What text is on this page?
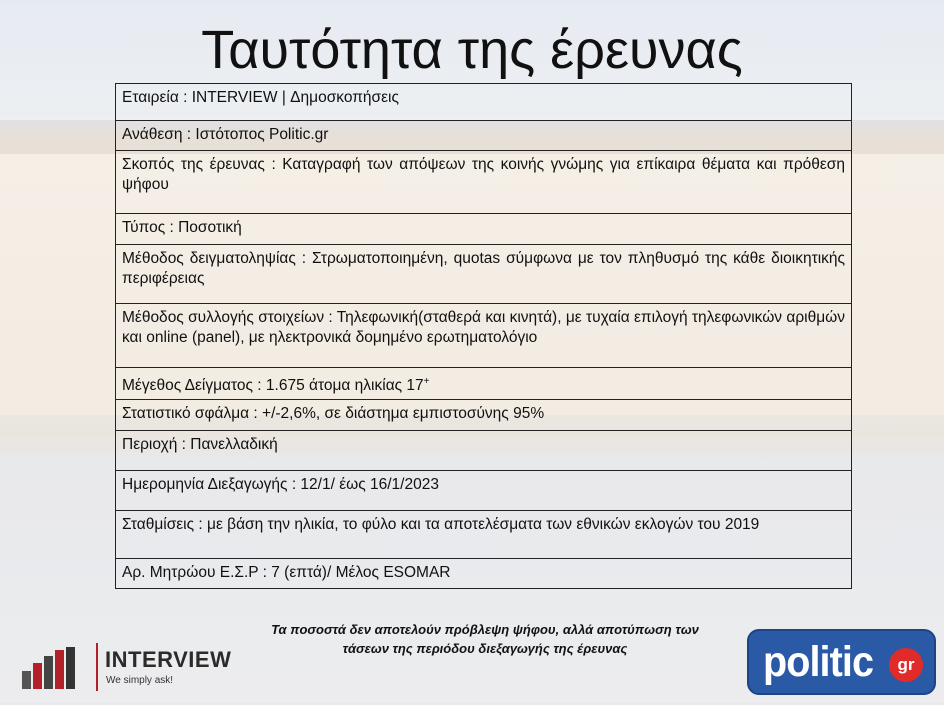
Ταυτότητα της έρευνας
Εταιρεία : INTERVIEW | Δημοσκοπήσεις
Ανάθεση : Ιστότοπος Politic.gr
Σκοπός της έρευνας : Καταγραφή των απόψεων της κοινής γνώμης για επίκαιρα θέματα και πρόθεση ψήφου
Τύπος : Ποσοτική
Μέθοδος δειγματοληψίας : Στρωματοποιημένη, quotas σύμφωνα με τον πληθυσμό της κάθε διοικητικής περιφέρειας
Μέθοδος συλλογής στοιχείων : Τηλεφωνική(σταθερά και κινητά), με τυχαία επιλογή τηλεφωνικών αριθμών και online (panel), με ηλεκτρονικά δομημένο ερωτηματολόγιο
Μέγεθος Δείγματος : 1.675 άτομα ηλικίας 17+
Στατιστικό σφάλμα : +/-2,6%, σε διάστημα εμπιστοσύνης 95%
Περιοχή : Πανελλαδική
Ημερομηνία Διεξαγωγής : 12/1/ έως 16/1/2023
Σταθμίσεις : με βάση την ηλικία, το φύλο και τα αποτελέσματα των εθνικών εκλογών του 2019
Αρ. Μητρώου Ε.Σ.Ρ : 7 (επτά)/ Μέλος ESOMAR
Τα ποσοστά δεν αποτελούν πρόβλεψη ψήφου, αλλά αποτύπωση των
τάσεων της περιόδου διεξαγωγής της έρευνας
INTERVIEW
We simply ask!	politic	gr
